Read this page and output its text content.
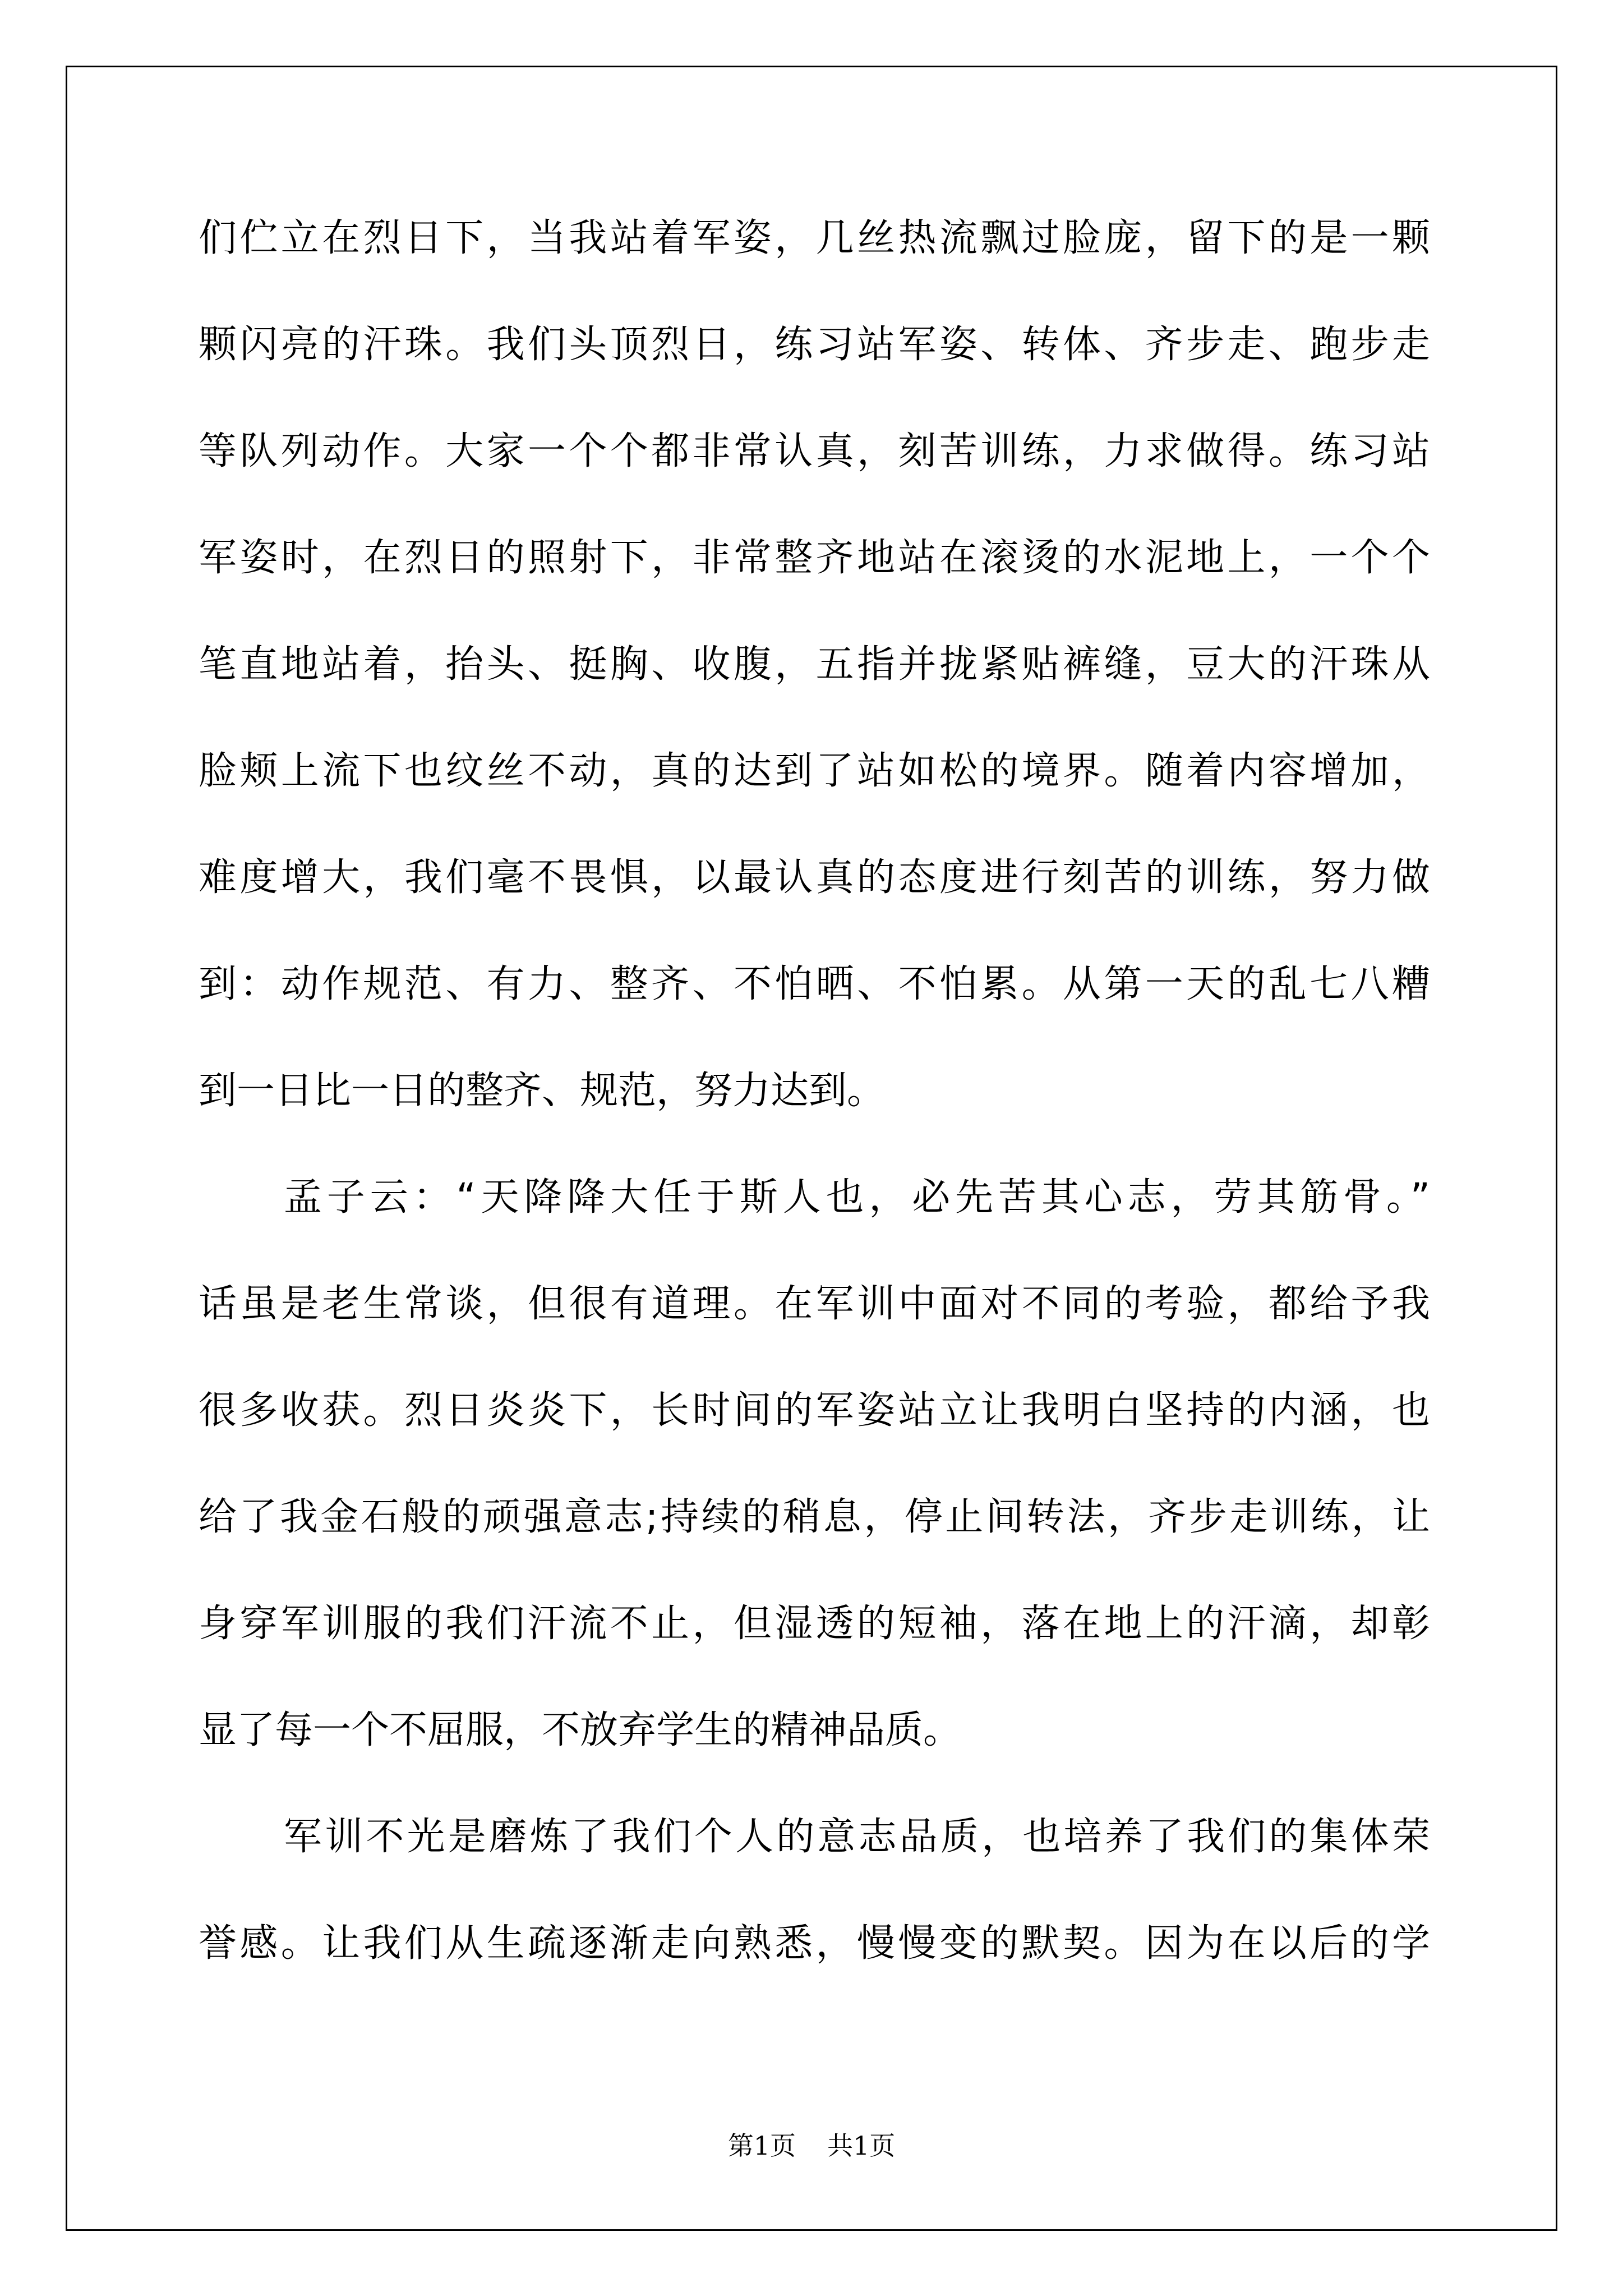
们伫立在烈日下，当我站着军姿，几丝热流飘过脸庞，留下的是一颗
颗闪亮的汗珠。我们头顶烈日，练习站军姿、转体、齐步走、跑步走
等队列动作。大家一个个都非常认真，刻苦训练，力求做得。练习站
军姿时，在烈日的照射下，非常整齐地站在滚烫的水泥地上，一个个
笔直地站着，抬头、挺胸、收腹，五指并拢紧贴裤缝，豆大的汗珠从
脸颊上流下也纹丝不动，真的达到了站如松的境界。随着内容增加，
难度增大，我们毫不畏惧，以最认真的态度进行刻苦的训练，努力做
到：动作规范、有力、整齐、不怕晒、不怕累。从第一天的乱七八糟
到一日比一日的整齐、规范，努力达到。
孟子云：“天降降大任于斯人也，必先苦其心志，劳其筋骨。”
话虽是老生常谈，但很有道理。在军训中面对不同的考验，都给予我
很多收获。烈日炎炎下，长时间的军姿站立让我明白坚持的内涵，也
给了我金石般的顽强意志;持续的稍息，停止间转法，齐步走训练，让
身穿军训服的我们汗流不止，但湿透的短袖，落在地上的汗滴，却彰
显了每一个不屈服，不放弃学生的精神品质。
军训不光是磨炼了我们个人的意志品质，也培养了我们的集体荣
誉感。让我们从生疏逐渐走向熟悉，慢慢变的默契。因为在以后的学
第1页 共1页
